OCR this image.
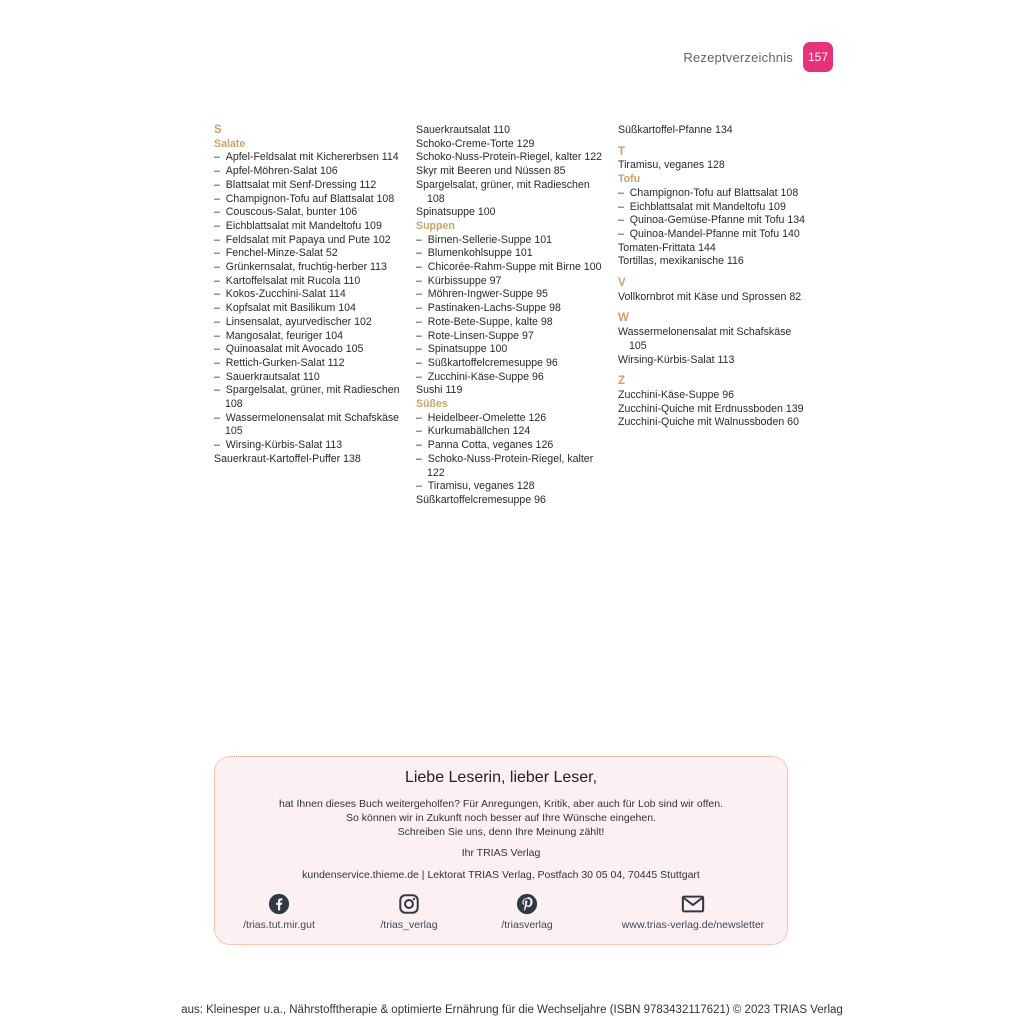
Rezeptverzeichnis	157
S
Salate
–  Apfel-Feldsalat mit Kichererbsen 114
–  Apfel-Möhren-Salat 106
–  Blattsalat mit Senf-Dressing 112
–  Champignon-Tofu auf Blattsalat 108
–  Couscous-Salat, bunter 106
–  Eichblattsalat mit Mandeltofu 109
–  Feldsalat mit Papaya und Pute 102
–  Fenchel-Minze-Salat 52
–  Grünkernsalat, fruchtig-herber 113
–  Kartoffelsalat mit Rucola 110
–  Kokos-Zucchini-Salat 114
–  Kopfsalat mit Basilikum 104
–  Linsensalat, ayurvedischer 102
–  Mangosalat, feuriger 104
–  Quinoasalat mit Avocado 105
–  Rettich-Gurken-Salat 112
–  Sauerkrautsalat 110
–  Spargelsalat, grüner, mit Radieschen 108
–  Wassermelonensalat mit Schafskäse 105
–  Wirsing-Kürbis-Salat 113
Sauerkraut-Kartoffel-Puffer 138
Sauerkrautsalat 110
Schoko-Creme-Torte 129
Schoko-Nuss-Protein-Riegel, kalter 122
Skyr mit Beeren und Nüssen 85
Spargelsalat, grüner, mit Radieschen 108
Spinatsuppe 100
Suppen
–  Birnen-Sellerie-Suppe 101
–  Blumenkohlsuppe 101
–  Chicorée-Rahm-Suppe mit Birne 100
–  Kürbissuppe 97
–  Möhren-Ingwer-Suppe 95
–  Pastinaken-Lachs-Suppe 98
–  Rote-Bete-Suppe, kalte 98
–  Rote-Linsen-Suppe 97
–  Spinatsuppe 100
–  Süßkartoffelcremesuppe 96
–  Zucchini-Käse-Suppe 96
Sushi 119
Süßes
–  Heidelbeer-Omelette 126
–  Kurkumabällchen 124
–  Panna Cotta, veganes 126
–  Schoko-Nuss-Protein-Riegel, kalter 122
–  Tiramisu, veganes 128
Süßkartoffelcremesuppe 96
Süßkartoffel-Pfanne 134
T
Tiramisu, veganes 128
Tofu
–  Champignon-Tofu auf Blattsalat 108
–  Eichblattsalat mit Mandeltofu 109
–  Quinoa-Gemüse-Pfanne mit Tofu 134
–  Quinoa-Mandel-Pfanne mit Tofu 140
Tomaten-Frittata 144
Tortillas, mexikanische 116
V
Vollkornbrot mit Käse und Sprossen 82
W
Wassermelonensalat mit Schafskäse 105
Wirsing-Kürbis-Salat 113
Z
Zucchini-Käse-Suppe 96
Zucchini-Quiche mit Erdnussboden 139
Zucchini-Quiche mit Walnussboden 60
Liebe Leserin, lieber Leser,
hat Ihnen dieses Buch weitergeholfen? Für Anregungen, Kritik, aber auch für Lob sind wir offen.
So können wir in Zukunft noch besser auf Ihre Wünsche eingehen.
Schreiben Sie uns, denn Ihre Meinung zählt!
Ihr TRIAS Verlag
kundenservice.thieme.de | Lektorat TRIAS Verlag, Postfach 30 05 04, 70445 Stuttgart
/trias.tut.mir.gut	/trias_verlag	/triasverlag	www.trias-verlag.de/newsletter
aus: Kleinesper u.a., Nährstofftherapie & optimierte Ernährung für die Wechseljahre (ISBN 9783432117621) © 2023 TRIAS Verlag
